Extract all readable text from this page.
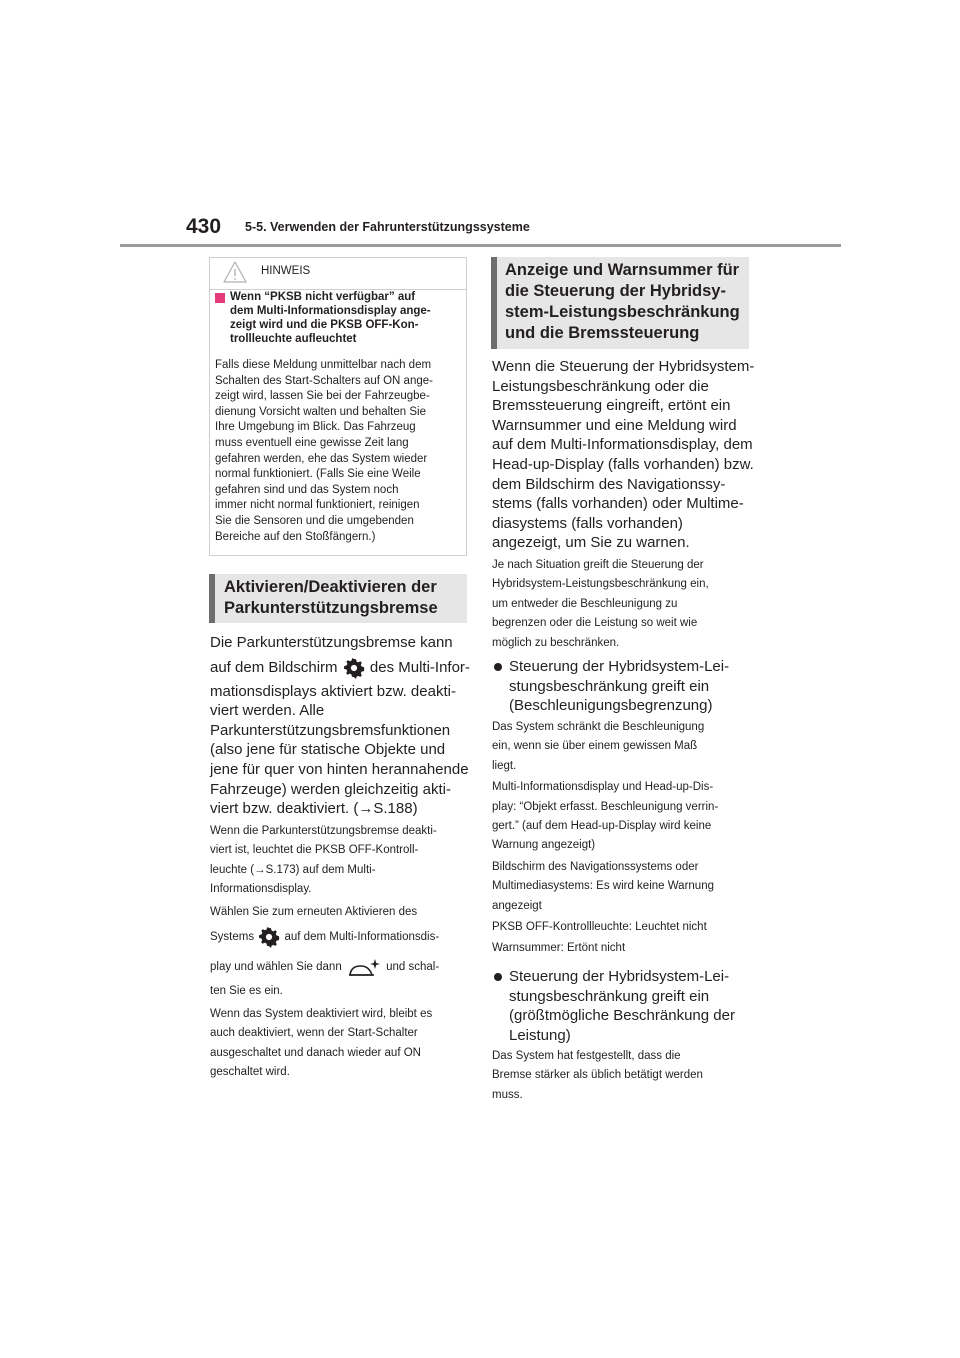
430 5-5. Verwenden der Fahrunterstützungssysteme
HINWEIS
Wenn “PKSB nicht verfügbar” auf
dem Multi-Informationsdisplay ange-
zeigt wird und die PKSB OFF-Kon-
trollleuchte aufleuchtet
Falls diese Meldung unmittelbar nach dem
Schalten des Start-Schalters auf ON ange-
zeigt wird, lassen Sie bei der Fahrzeugbe-
dienung Vorsicht walten und behalten Sie
Ihre Umgebung im Blick. Das Fahrzeug
muss eventuell eine gewisse Zeit lang
gefahren werden, ehe das System wieder
normal funktioniert. (Falls Sie eine Weile
gefahren sind und das System noch
immer nicht normal funktioniert, reinigen
Sie die Sensoren und die umgebenden
Bereiche auf den Stoßfängern.)
Aktivieren/Deaktivieren der
Parkunterstützungsbremse
Die Parkunterstützungsbremse kann
auf dem Bildschirm  des Multi-Infor-
mationsdisplays aktiviert bzw. deakti-
viert werden. Alle
Parkunterstützungsbremsfunktionen
(also jene für statische Objekte und
jene für quer von hinten herannahende
Fahrzeuge) werden gleichzeitig akti-
viert bzw. deaktiviert. (→S.188)
Wenn die Parkunterstützungsbremse deakti-
viert ist, leuchtet die PKSB OFF-Kontroll-
leuchte (→S.173) auf dem Multi-
Informationsdisplay.
Wählen Sie zum erneuten Aktivieren des
Systems  auf dem Multi-Informationsdis-
play und wählen Sie dann	und schal-
ten Sie es ein.
Wenn das System deaktiviert wird, bleibt es
auch deaktiviert, wenn der Start-Schalter
ausgeschaltet und danach wieder auf ON
geschaltet wird.
Anzeige und Warnsummer für
die Steuerung der Hybridsy-
stem-Leistungsbeschränkung
und die Bremssteuerung
Wenn die Steuerung der Hybridsystem-
Leistungsbeschränkung oder die
Bremssteuerung eingreift, ertönt ein
Warnsummer und eine Meldung wird
auf dem Multi-Informationsdisplay, dem
Head-up-Display (falls vorhanden) bzw.
dem Bildschirm des Navigationssy-
stems (falls vorhanden) oder Multime-
diasystems (falls vorhanden)
angezeigt, um Sie zu warnen.
Je nach Situation greift die Steuerung der
Hybridsystem-Leistungsbeschränkung ein,
um entweder die Beschleunigung zu
begrenzen oder die Leistung so weit wie
möglich zu beschränken.
Steuerung der Hybridsystem-Lei-
stungsbeschränkung greift ein
(Beschleunigungsbegrenzung)
Das System schränkt die Beschleunigung
ein, wenn sie über einem gewissen Maß
liegt.
Multi-Informationsdisplay und Head-up-Dis-
play: “Objekt erfasst. Beschleunigung verrin-
gert.” (auf dem Head-up-Display wird keine
Warnung angezeigt)
Bildschirm des Navigationssystems oder
Multimediasystems: Es wird keine Warnung
angezeigt
PKSB OFF-Kontrollleuchte: Leuchtet nicht
Warnsummer: Ertönt nicht
Steuerung der Hybridsystem-Lei-
stungsbeschränkung greift ein
(größtmögliche Beschränkung der
Leistung)
Das System hat festgestellt, dass die
Bremse stärker als üblich betätigt werden
muss.
